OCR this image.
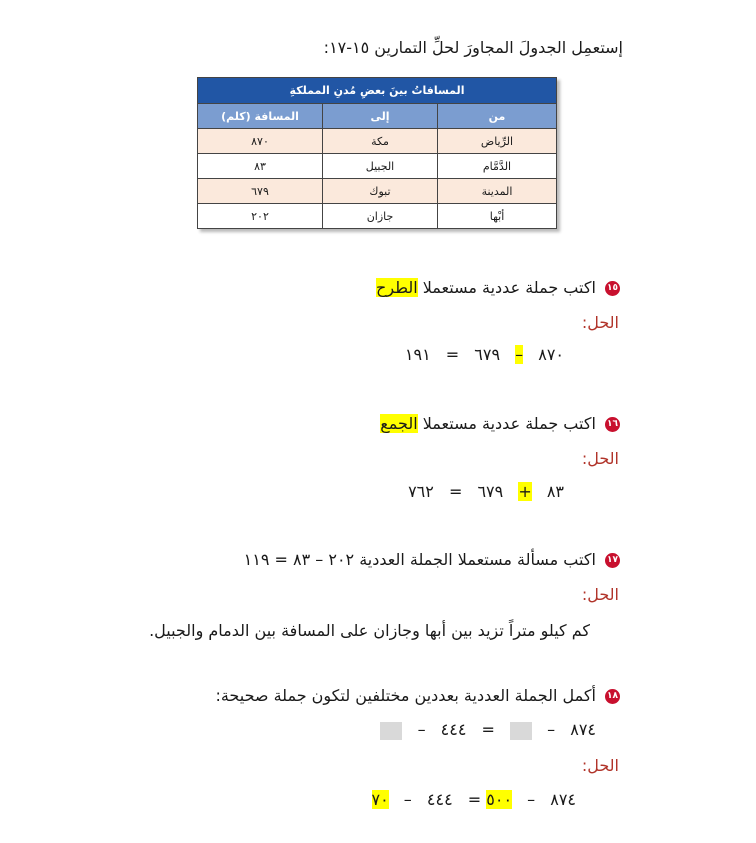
إستعمِل الجدولَ المجاورَ لحلِّ التمارين ١٥-١٧:
المسافاتُ بينَ بعضِ مُدنِ المملكةِ		
من	إلى	المسافة (كلم)
الرِّياض	مكة	٨٧٠
الدَّمَّام	الجبيل	٨٣
المدينة	تبوك	٦٧٩
أبْها	جازان	٢٠٢
١٥ اكتب جملة عددية مستعملا الطرح
الحل:
٨٧٠ – ٦٧٩ = ١٩١
١٦ اكتب جملة عددية مستعملا الجمع
الحل:
٨٣ + ٦٧٩ = ٧٦٢
١٧ اكتب مسألة مستعملا الجملة العددية ٢٠٢ – ٨٣ = ١١٩
الحل:
كم كيلو متراً تزيد بين أبها وجازان على المسافة بين الدمام والجبيل.
١٨ أكمل الجملة العددية بعددين مختلفين لتكون جملة صحيحة:
٨٧٤ –  = ٤٤٤ –
الحل:
٨٧٤ – ٥٠٠ = ٤٤٤ – ٧٠
